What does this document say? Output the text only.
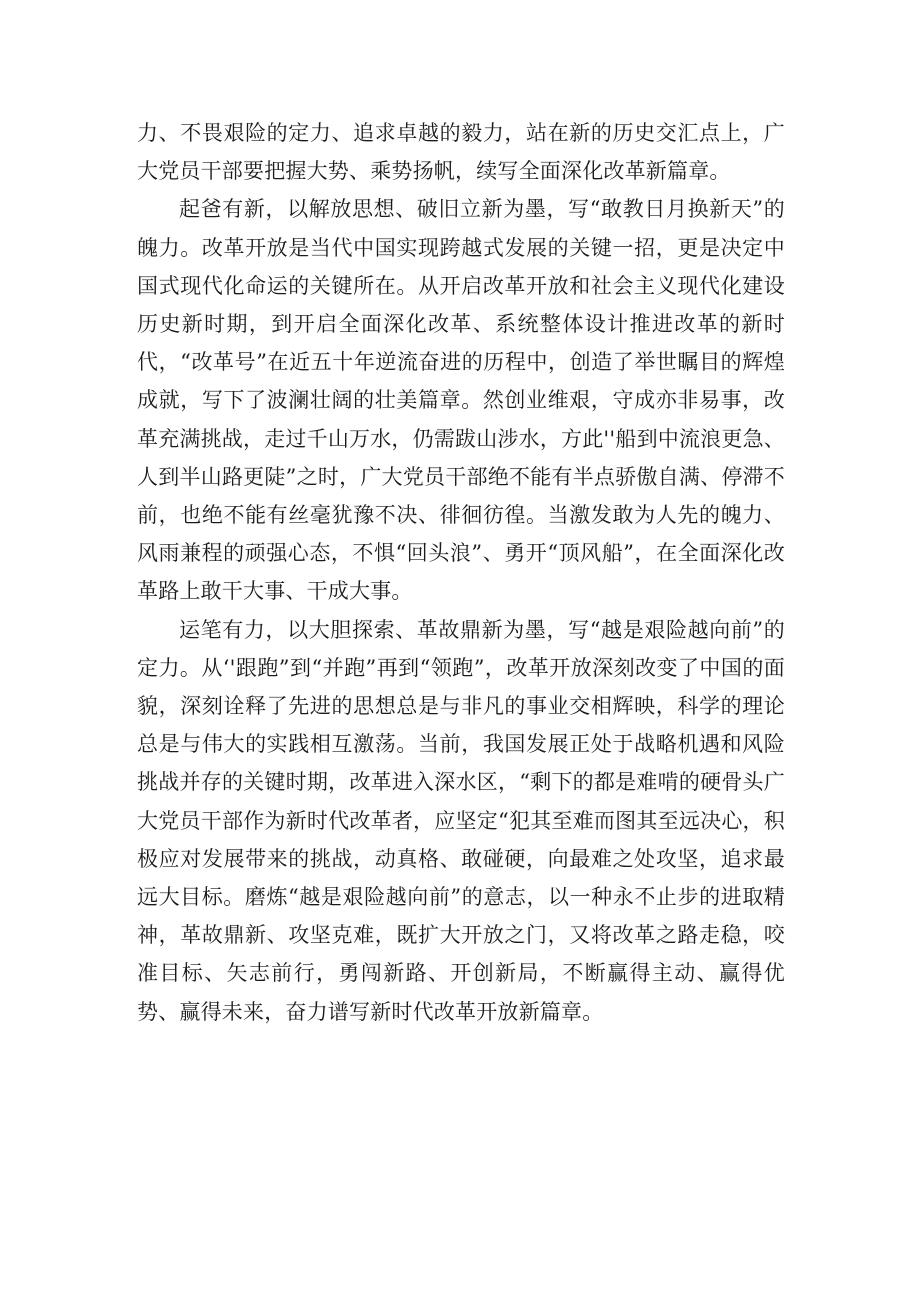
力、不畏艰险的定力、追求卓越的毅力，站在新的历史交汇点上，广大党员干部要把握大势、乘势扬帆，续写全面深化改革新篇章。

起爸有新，以解放思想、破旧立新为墨，写“敢教日月换新天”的魄力。改革开放是当代中国实现跨越式发展的关键一招，更是决定中国式现代化命运的关键所在。从开启改革开放和社会主义现代化建设历史新时期，到开启全面深化改革、系统整体设计推进改革的新时代，“改革号”在近五十年逆流奋进的历程中，创造了举世瞩目的辉煌成就，写下了波澜壮阔的壮美篇章。然创业维艰，守成亦非易事，改革充满挑战，走过千山万水，仍需跋山涉水，方此''船到中流浪更急、人到半山路更陡”之时，广大党员干部绝不能有半点骄傲自满、停滞不前，也绝不能有丝毫犹豫不决、徘徊彷徨。当激发敢为人先的魄力、风雨兼程的顽强心态，不惧“回头浪”、勇开“顶风船”，在全面深化改革路上敢干大事、干成大事。

运笔有力，以大胆探索、革故鼎新为墨，写“越是艰险越向前”的定力。从‘'跟跑”到“并跑”再到“领跑”，改革开放深刻改变了中国的面貌，深刻诠释了先进的思想总是与非凡的事业交相辉映，科学的理论总是与伟大的实践相互激荡。当前，我国发展正处于战略机遇和风险挑战并存的关键时期，改革进入深水区，“剩下的都是难啃的硬骨头广大党员干部作为新时代改革者，应坚定“犯其至难而图其至远决心，积极应对发展带来的挑战，动真格、敢碰硬，向最难之处攻坚，追求最远大目标。磨炼“越是艰险越向前”的意志，以一种永不止步的进取精神，革故鼎新、攻坚克难，既扩大开放之门，又将改革之路走稳，咬准目标、矢志前行，勇闯新路、开创新局，不断赢得主动、赢得优势、赢得未来，奋力谱写新时代改革开放新篇章。
